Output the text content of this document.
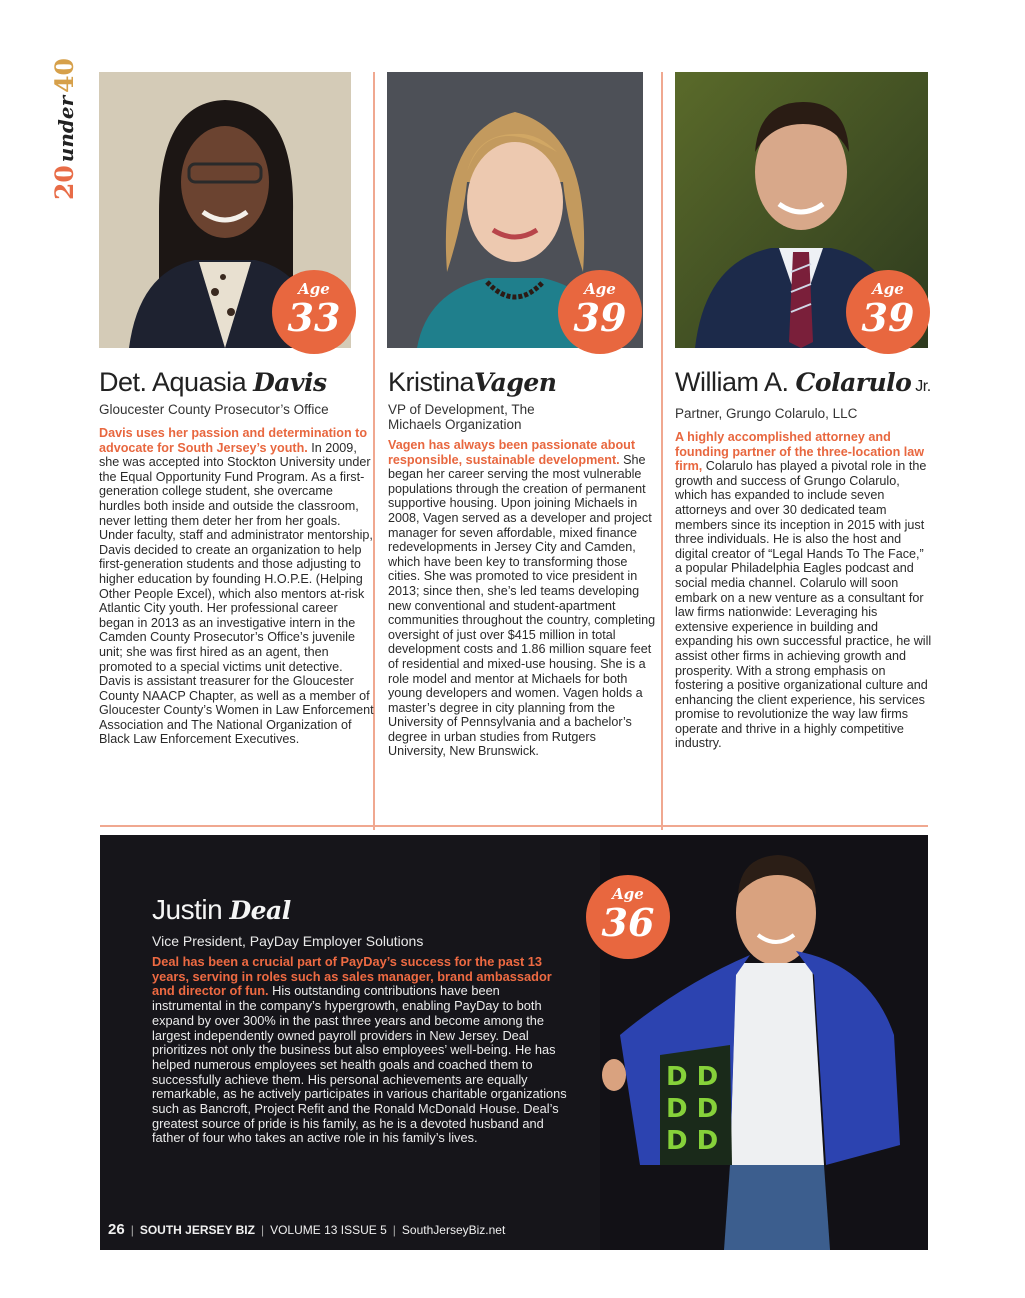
20under40
Age
33
Age
39
Age
39
Det. Aquasia Davis
Gloucester County Prosecutor’s Office
Davis uses her passion and determination to advocate for South Jersey’s youth. In 2009, she was accepted into Stockton University under the Equal Opportunity Fund Program. As a first-generation college student, she overcame hurdles both inside and outside the classroom, never letting them deter her from her goals. Under faculty, staff and administrator mentorship, Davis decided to create an organization to help first-generation students and those adjusting to higher education by founding H.O.P.E. (Helping Other People Excel), which also mentors at-risk Atlantic City youth. Her professional career began in 2013 as an investigative intern in the Camden County Prosecutor’s Office’s juvenile unit; she was first hired as an agent, then promoted to a special victims unit detective. Davis is assistant treasurer for the Gloucester County NAACP Chapter, as well as a member of Gloucester County’s Women in Law Enforcement Association and The National Organization of Black Law Enforcement Executives.
KristinaVagen
VP of Development, The Michaels Organization
Vagen has always been passionate about responsible, sustainable development. She began her career serving the most vulnerable populations through the creation of permanent supportive housing. Upon joining Michaels in 2008, Vagen served as a developer and project manager for seven affordable, mixed finance redevelopments in Jersey City and Camden, which have been key to transforming those cities. She was promoted to vice president in 2013; since then, she’s led teams developing new conventional and student-apartment communities throughout the country, completing oversight of just over $415 million in total development costs and 1.86 million square feet of residential and mixed-use housing. She is a role model and mentor at Michaels for both young developers and women. Vagen holds a master’s degree in city planning from the University of Pennsylvania and a bachelor’s degree in urban studies from Rutgers University, New Brunswick.
William A. Colarulo Jr.
Partner, Grungo Colarulo, LLC
A highly accomplished attorney and founding partner of the three-location law firm, Colarulo has played a pivotal role in the growth and success of Grungo Colarulo, which has expanded to include seven attorneys and over 30 dedicated team members since its inception in 2015 with just three individuals. He is also the host and digital creator of “Legal Hands To The Face,” a popular Philadelphia Eagles podcast and social media channel. Colarulo will soon embark on a new venture as a consultant for law firms nationwide: Leveraging his extensive experience in building and expanding his own successful practice, he will assist other firms in achieving growth and prosperity. With a strong emphasis on fostering a positive organizational culture and enhancing the client experience, his services promise to revolutionize the way law firms operate and thrive in a highly competitive industry.
D D
D D
D D
Age
36
Justin Deal
Vice President, PayDay Employer Solutions
Deal has been a crucial part of PayDay’s success for the past 13 years, serving in roles such as sales manager, brand ambassador and director of fun. His outstanding contributions have been instrumental in the company’s hypergrowth, enabling PayDay to both expand by over 300% in the past three years and become among the largest independently owned payroll providers in New Jersey. Deal prioritizes not only the business but also employees’ well-being. He has helped numerous employees set health goals and coached them to successfully achieve them. His personal achievements are equally remarkable, as he actively participates in various charitable organizations such as Bancroft, Project Refit and the Ronald McDonald House. Deal’s greatest source of pride is his family, as he is a devoted husband and father of four who takes an active role in his family’s lives.
26 | SOUTH JERSEY BIZ | VOLUME 13 ISSUE 5 | SouthJerseyBiz.net
